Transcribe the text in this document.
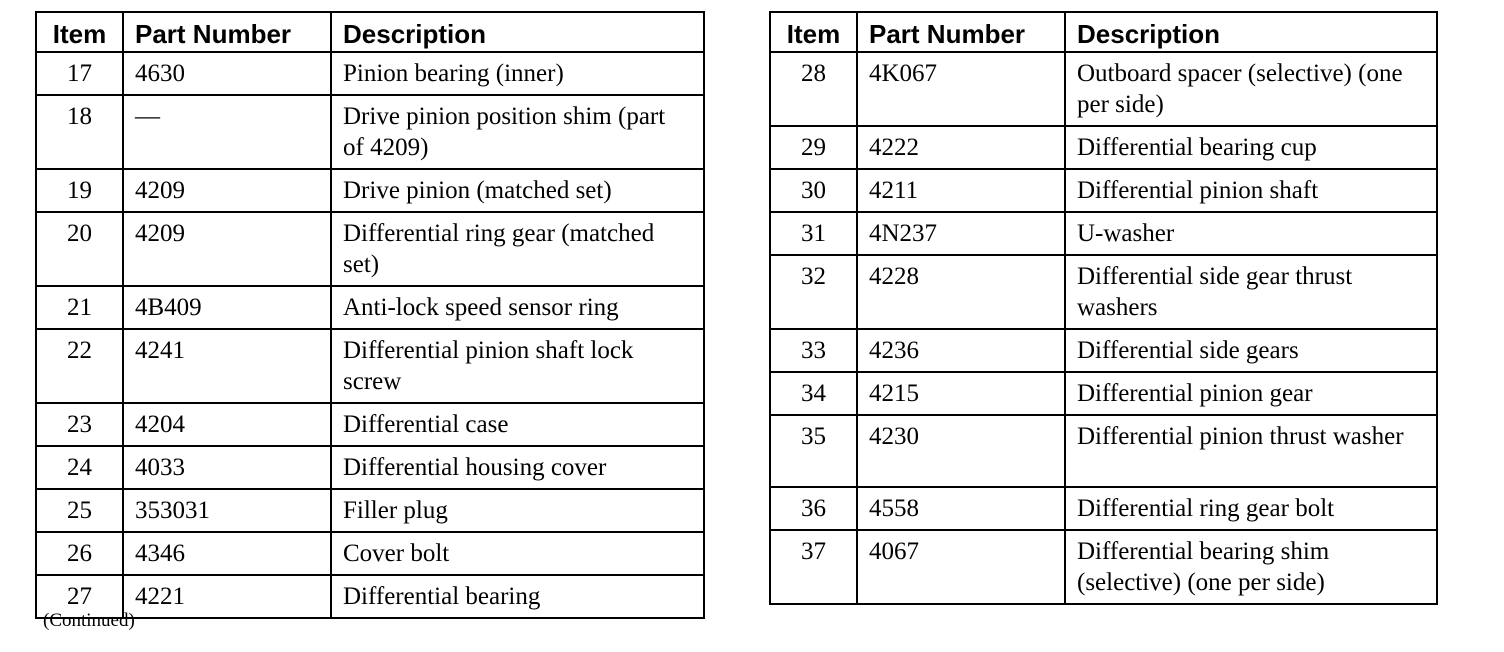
Item	Part Number	Description
17	4630	Pinion bearing (inner)
18	—	Drive pinion position shim (part of 4209)
19	4209	Drive pinion (matched set)
20	4209	Differential ring gear (matched set)
21	4B409	Anti-lock speed sensor ring
22	4241	Differential pinion shaft lock screw
23	4204	Differential case
24	4033	Differential housing cover
25	353031	Filler plug
26	4346	Cover bolt
27	4221	Differential bearing
Item	Part Number	Description
28	4K067	Outboard spacer (selective) (one per side)
29	4222	Differential bearing cup
30	4211	Differential pinion shaft
31	4N237	U-washer
32	4228	Differential side gear thrust washers
33	4236	Differential side gears
34	4215	Differential pinion gear
35	4230	Differential pinion thrust washer
36	4558	Differential ring gear bolt
37	4067	Differential bearing shim (selective) (one per side)
(Continued)
